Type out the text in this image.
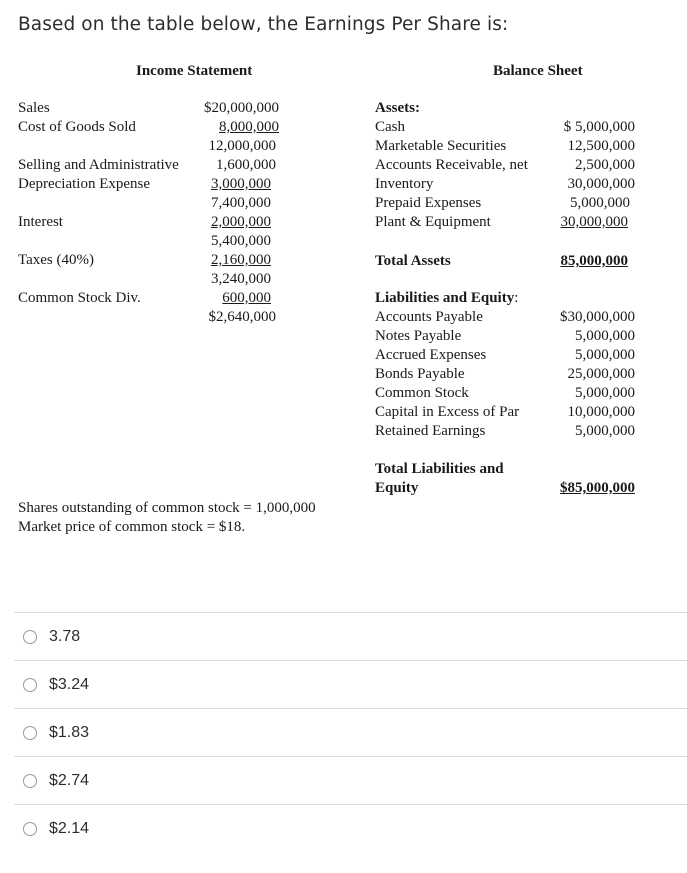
Based on the table below, the Earnings Per Share is:
Income Statement
Sales	$20,000,000
Cost of Goods Sold	8,000,000
12,000,000
Selling and Administrative	1,600,000
Depreciation Expense	3,000,000
7,400,000
Interest	2,000,000
5,400,000
Taxes (40%)	2,160,000
3,240,000
Common Stock Div.	600,000
$2,640,000
Balance Sheet
Assets:
Cash	$ 5,000,000
Marketable Securities	12,500,000
Accounts Receivable, net	2,500,000
Inventory	30,000,000
Prepaid Expenses	5,000,000
Plant & Equipment	30,000,000
Total Assets	85,000,000
Liabilities and Equity:
Accounts Payable	$30,000,000
Notes Payable	5,000,000
Accrued Expenses	5,000,000
Bonds Payable	25,000,000
Common Stock	5,000,000
Capital in Excess of Par	10,000,000
Retained Earnings	5,000,000
Total Liabilities and
Equity	$85,000,000
Shares outstanding of common stock = 1,000,000
Market price of common stock = $18.
3.78
$3.24
$1.83
$2.74
$2.14
